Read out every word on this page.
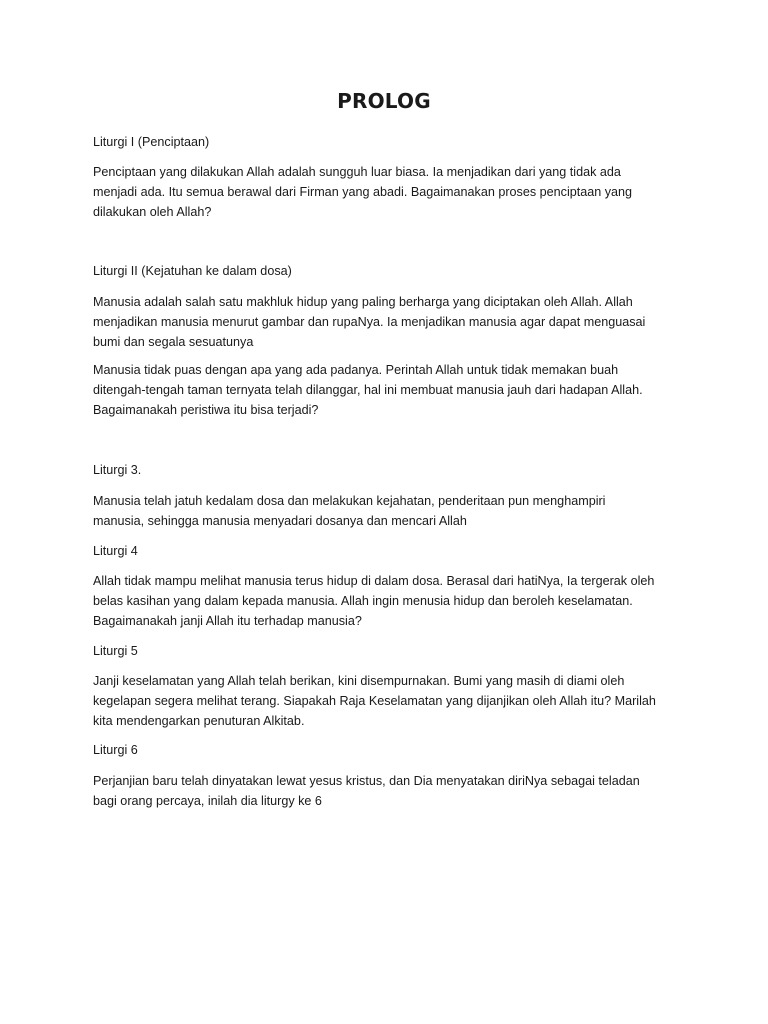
PROLOG

Liturgi I (Penciptaan)

Penciptaan yang dilakukan Allah adalah sungguh luar biasa. Ia menjadikan dari yang tidak ada
menjadi ada. Itu semua berawal dari Firman yang abadi. Bagaimanakan proses penciptaan yang
dilakukan oleh Allah?

Liturgi II (Kejatuhan ke dalam dosa)

Manusia adalah salah satu makhluk hidup yang paling berharga yang diciptakan oleh Allah. Allah
menjadikan manusia menurut gambar dan rupaNya. Ia menjadikan manusia agar dapat menguasai
bumi dan segala sesuatunya

Manusia tidak puas dengan apa yang ada padanya. Perintah Allah untuk tidak memakan buah
ditengah-tengah taman ternyata telah dilanggar, hal ini membuat manusia jauh dari hadapan Allah.
Bagaimanakah peristiwa itu bisa terjadi?

Liturgi 3.

Manusia telah jatuh kedalam dosa dan melakukan kejahatan, penderitaan pun menghampiri
manusia, sehingga manusia menyadari dosanya dan mencari Allah

Liturgi 4

Allah tidak mampu melihat manusia terus hidup di dalam dosa. Berasal dari hatiNya, Ia tergerak oleh
belas kasihan yang dalam kepada manusia. Allah ingin menusia hidup dan beroleh keselamatan.
Bagaimanakah janji Allah itu terhadap manusia?

Liturgi 5

Janji keselamatan yang Allah telah berikan, kini disempurnakan. Bumi yang masih di diami oleh
kegelapan segera melihat terang. Siapakah Raja Keselamatan yang dijanjikan oleh Allah itu? Marilah
kita mendengarkan penuturan Alkitab.

Liturgi 6

Perjanjian baru telah dinyatakan lewat yesus kristus, dan Dia menyatakan diriNya sebagai teladan
bagi orang percaya, inilah dia liturgy ke 6
